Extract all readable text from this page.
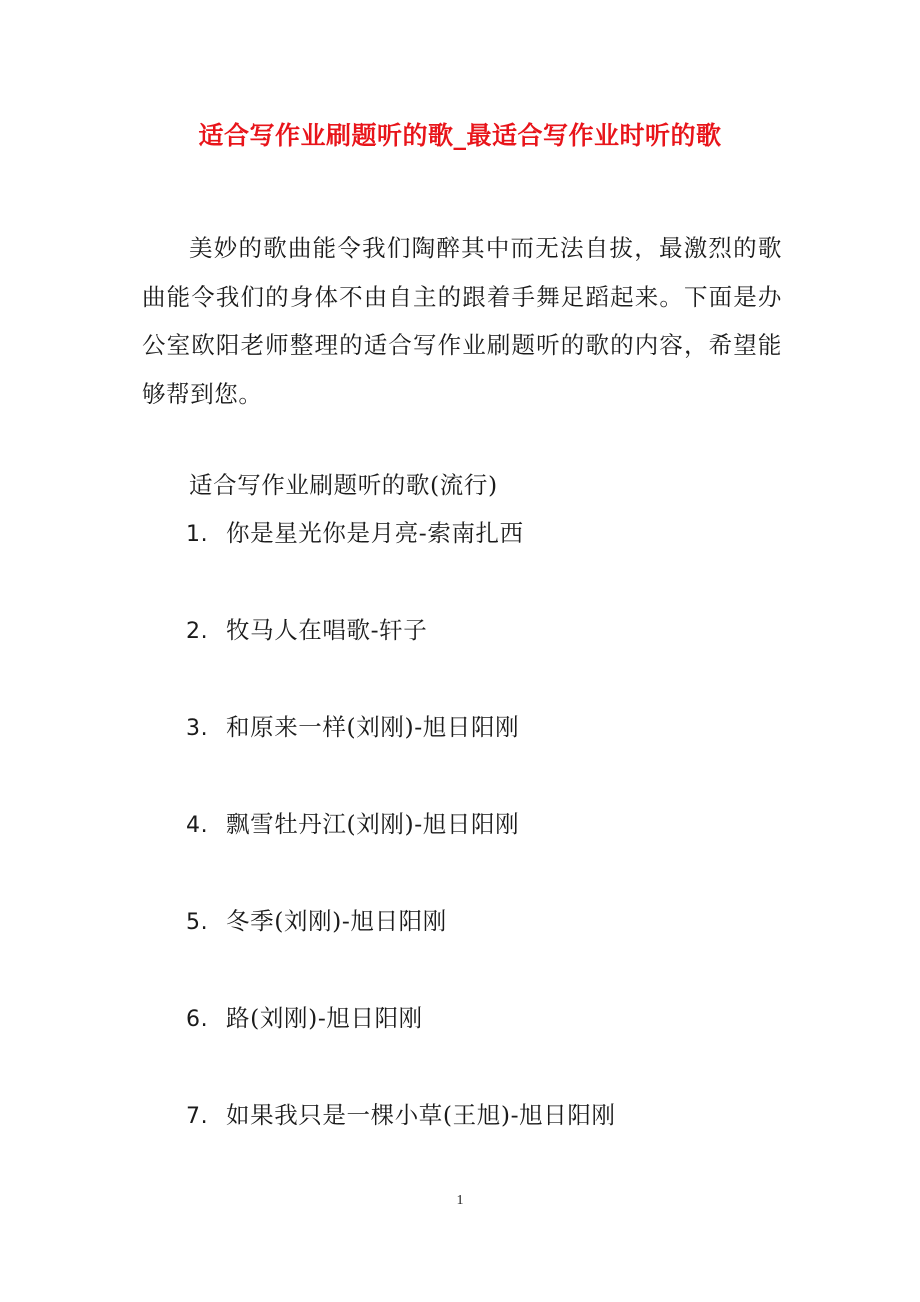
适合写作业刷题听的歌_最适合写作业时听的歌

美妙的歌曲能令我们陶醉其中而无法自拔，最激烈的歌曲能令我们的身体不由自主的跟着手舞足蹈起来。下面是办公室欧阳老师整理的适合写作业刷题听的歌的内容，希望能够帮到您。

适合写作业刷题听的歌(流行)
1. 你是星光你是月亮-索南扎西
2. 牧马人在唱歌-轩子
3. 和原来一样(刘刚)-旭日阳刚
4. 飘雪牡丹江(刘刚)-旭日阳刚
5. 冬季(刘刚)-旭日阳刚
6. 路(刘刚)-旭日阳刚
7. 如果我只是一棵小草(王旭)-旭日阳刚
1
